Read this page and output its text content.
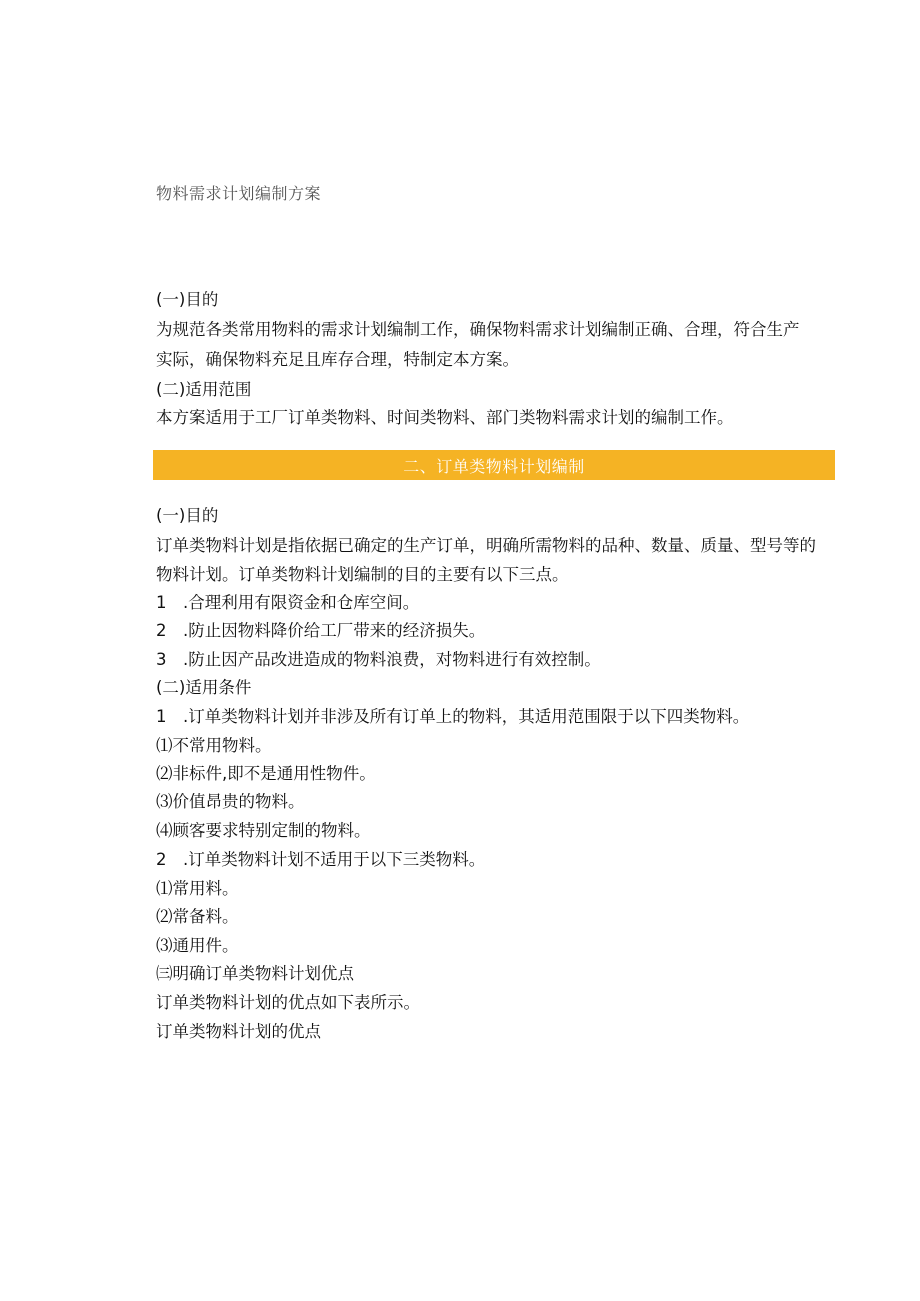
物料需求计划编制方案
(一)目的
为规范各类常用物料的需求计划编制工作，确保物料需求计划编制正确、合理，符合生产
实际，确保物料充足且库存合理，特制定本方案。
(二)适用范围
本方案适用于工厂订单类物料、时间类物料、部门类物料需求计划的编制工作。
二、订单类物料计划编制
(一)目的
订单类物料计划是指依据已确定的生产订单，明确所需物料的品种、数量、质量、型号等的
物料计划。订单类物料计划编制的目的主要有以下三点。
1　.合理利用有限资金和仓库空间。
2　.防止因物料降价给工厂带来的经济损失。
3　.防止因产品改进造成的物料浪费，对物料进行有效控制。
(二)适用条件
1　.订单类物料计划并非涉及所有订单上的物料，其适用范围限于以下四类物料。
⑴不常用物料。
⑵非标件,即不是通用性物件。
⑶价值昂贵的物料。
⑷顾客要求特别定制的物料。
2　.订单类物料计划不适用于以下三类物料。
⑴常用料。
⑵常备料。
⑶通用件。
㈢明确订单类物料计划优点
订单类物料计划的优点如下表所示。
订单类物料计划的优点
